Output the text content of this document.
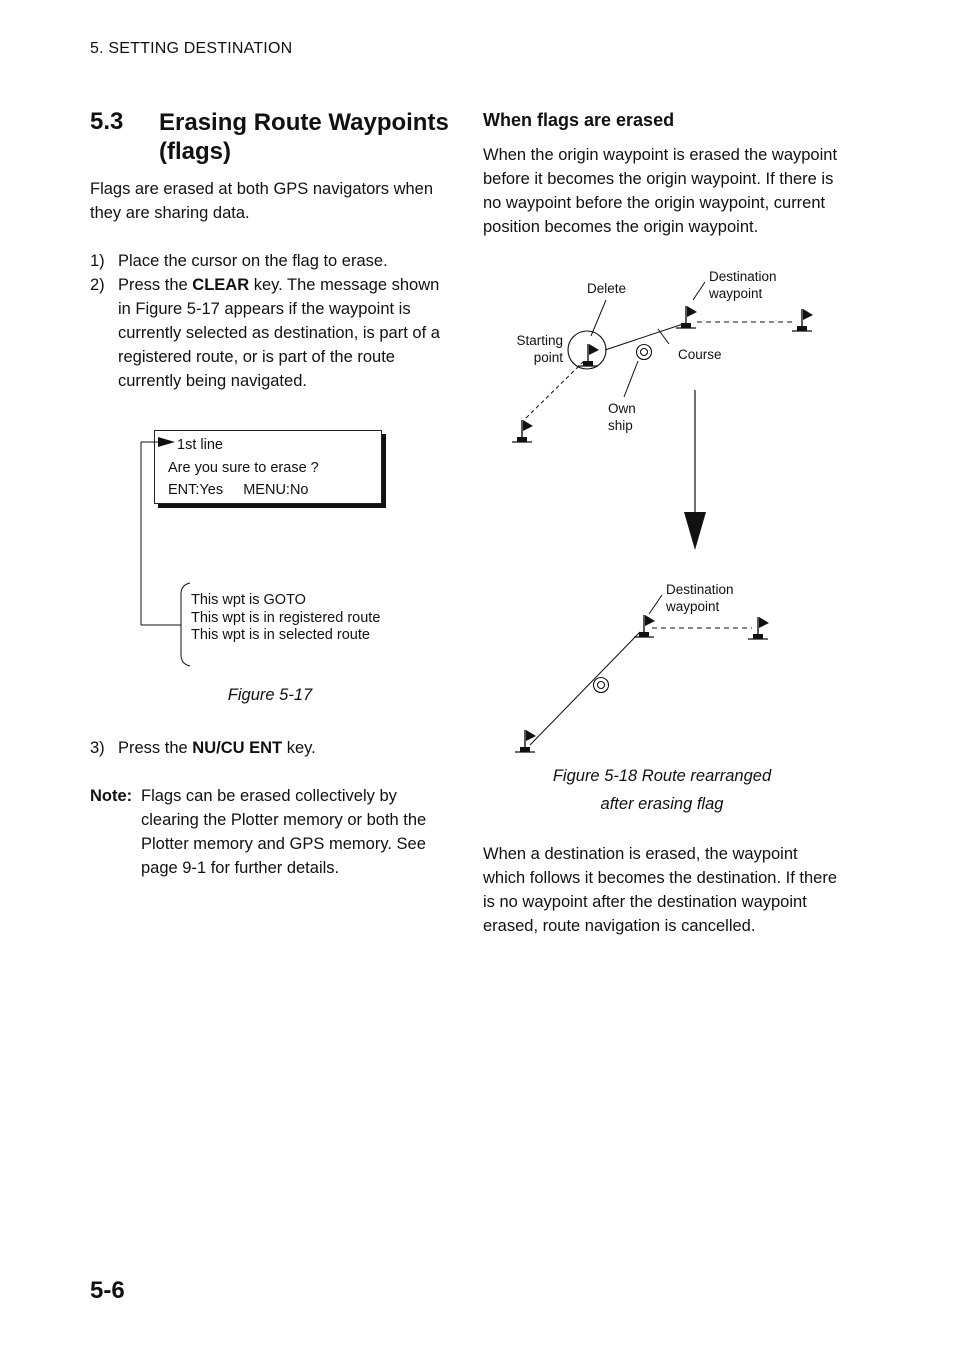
5. SETTING DESTINATION
5.3 Erasing Route Waypoints (flags)
Flags are erased at both GPS navigators when they are sharing data.
1) Place the cursor on the flag to erase.
2) Press the CLEAR key. The message shown in Figure 5-17 appears if the waypoint is currently selected as destination, is part of a registered route, or is part of the route currently being navigated.
1st line
Are you sure to erase ?
ENT:Yes     MENU:No
This wpt is GOTO
This wpt is in registered route
This wpt is in selected route
Figure 5-17
3) Press the NU/CU ENT key.
Note: Flags can be erased collectively by clearing the Plotter memory or both the Plotter memory and GPS memory. See page 9-1 for further details.
When flags are erased
When the origin waypoint is erased the waypoint before it becomes the origin waypoint. If there is no waypoint before the origin waypoint, current position becomes the origin waypoint.
Delete
Destination
waypoint
Starting
point	Course
Own
ship
Destination
waypoint
Figure 5-18 Route rearranged
after erasing flag
When a destination is erased, the waypoint which follows it becomes the destination. If there is no waypoint after the destination waypoint erased, route navigation is cancelled.
5-6
